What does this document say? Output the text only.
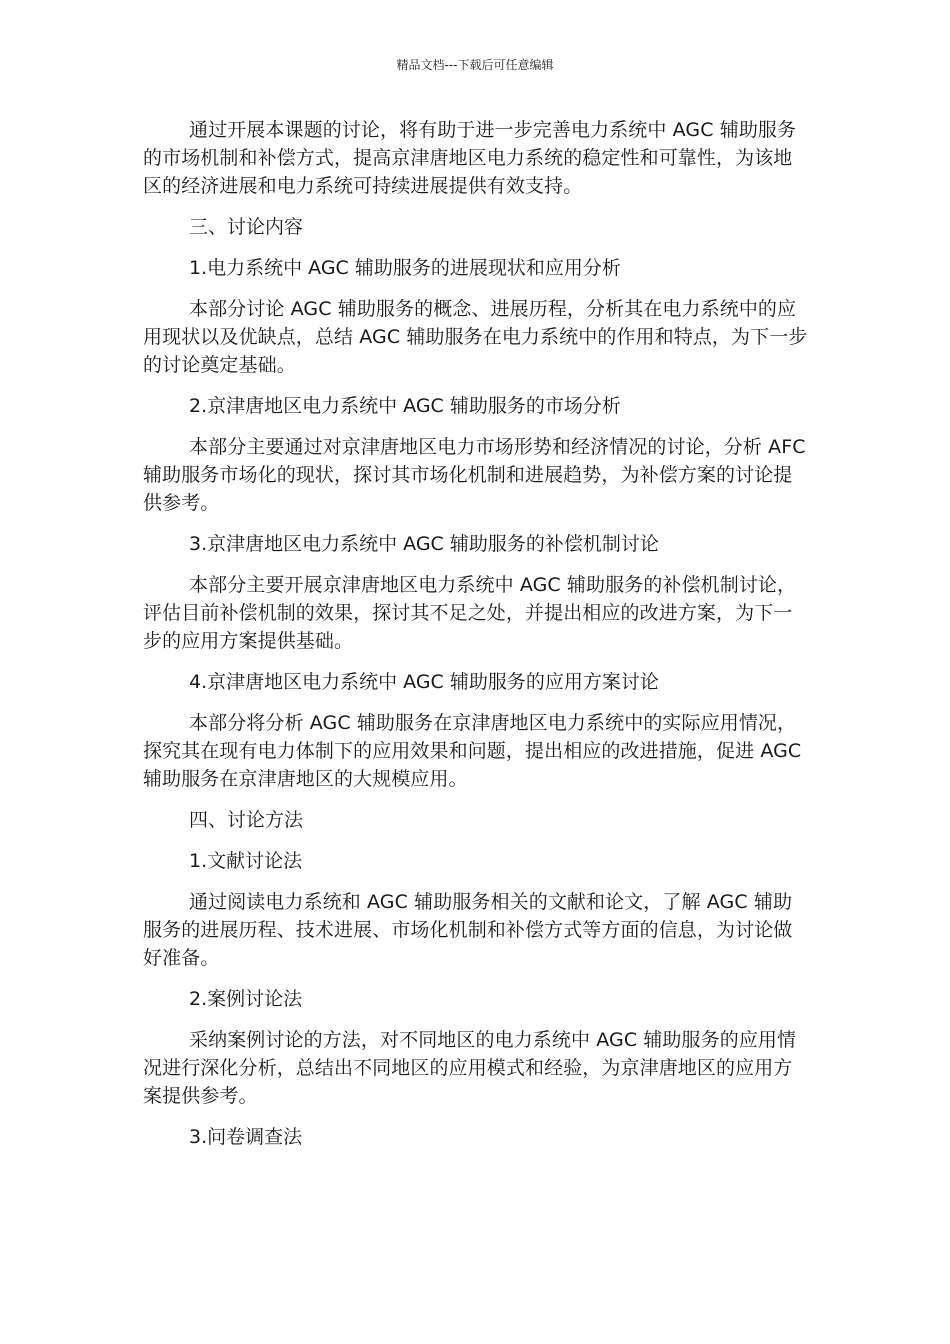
精品文档---下载后可任意编辑

通过开展本课题的讨论，将有助于进一步完善电力系统中 AGC 辅助服务的市场机制和补偿方式，提高京津唐地区电力系统的稳定性和可靠性，为该地区的经济进展和电力系统可持续进展提供有效支持。

三、讨论内容

1.电力系统中 AGC 辅助服务的进展现状和应用分析

本部分讨论 AGC 辅助服务的概念、进展历程，分析其在电力系统中的应用现状以及优缺点，总结 AGC 辅助服务在电力系统中的作用和特点，为下一步的讨论奠定基础。

2.京津唐地区电力系统中 AGC 辅助服务的市场分析

本部分主要通过对京津唐地区电力市场形势和经济情况的讨论，分析 AFC 辅助服务市场化的现状，探讨其市场化机制和进展趋势，为补偿方案的讨论提供参考。

3.京津唐地区电力系统中 AGC 辅助服务的补偿机制讨论

本部分主要开展京津唐地区电力系统中 AGC 辅助服务的补偿机制讨论，评估目前补偿机制的效果，探讨其不足之处，并提出相应的改进方案，为下一步的应用方案提供基础。

4.京津唐地区电力系统中 AGC 辅助服务的应用方案讨论

本部分将分析 AGC 辅助服务在京津唐地区电力系统中的实际应用情况，探究其在现有电力体制下的应用效果和问题，提出相应的改进措施，促进 AGC 辅助服务在京津唐地区的大规模应用。

四、讨论方法

1.文献讨论法

通过阅读电力系统和 AGC 辅助服务相关的文献和论文，了解 AGC 辅助服务的进展历程、技术进展、市场化机制和补偿方式等方面的信息，为讨论做好准备。

2.案例讨论法

采纳案例讨论的方法，对不同地区的电力系统中 AGC 辅助服务的应用情况进行深化分析，总结出不同地区的应用模式和经验，为京津唐地区的应用方案提供参考。

3.问卷调查法
